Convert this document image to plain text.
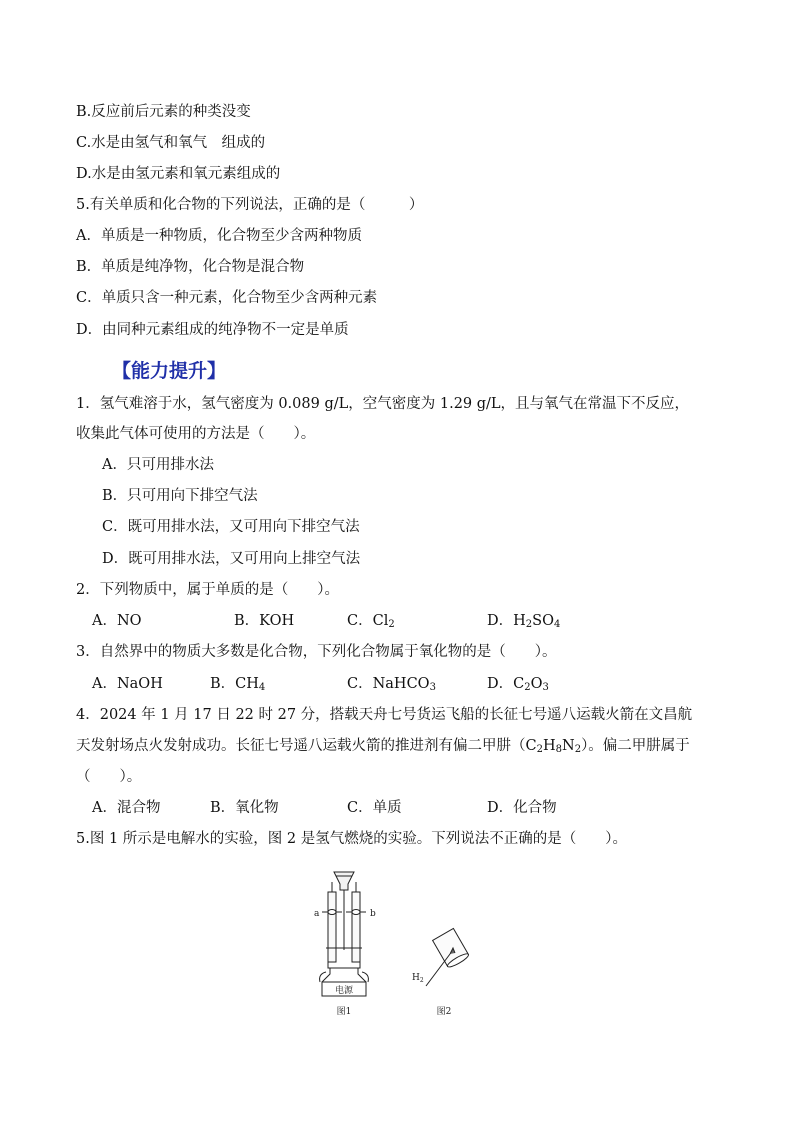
B.反应前后元素的种类没变
C.水是由氢气和氧气　组成的
D.水是由氢元素和氧元素组成的
5.有关单质和化合物的下列说法，正确的是（　　　）
A．单质是一种物质，化合物至少含两种物质
B．单质是纯净物，化合物是混合物
C．单质只含一种元素，化合物至少含两种元素
D．由同种元素组成的纯净物不一定是单质
【能力提升】
1．氢气难溶于水，氢气密度为 0.089 g/L，空气密度为 1.29 g/L，且与氧气在常温下不反应，
收集此气体可使用的方法是（　　）。
A．只可用排水法
B．只可用向下排空气法
C．既可用排水法，又可用向下排空气法
D．既可用排水法，又可用向上排空气法
2．下列物质中，属于单质的是（　　）。
A．NO	B．KOH	C．$Cl_2$	D．$H_2SO_4$
3．自然界中的物质大多数是化合物，下列化合物属于氧化物的是（　　）。
A．NaOH	B．$CH_4$	C．NaHCO$_3$	D．$C_2O_3$
4．2024 年 1 月 17 日 22 时 27 分，搭载天舟七号货运飞船的长征七号遥八运载火箭在文昌航
天发射场点火发射成功。长征七号遥八运载火箭的推进剂有偏二甲肼$(C_2H_8N_2)$。偏二甲肼属于
（　　）。
A．混合物	B．氧化物	C．单质	D．化合物
5.图 1 所示是电解水的实验，图 2 是氢气燃烧的实验。下列说法不正确的是（　　）。
a	b
电源
图1
$H_2$
图2
